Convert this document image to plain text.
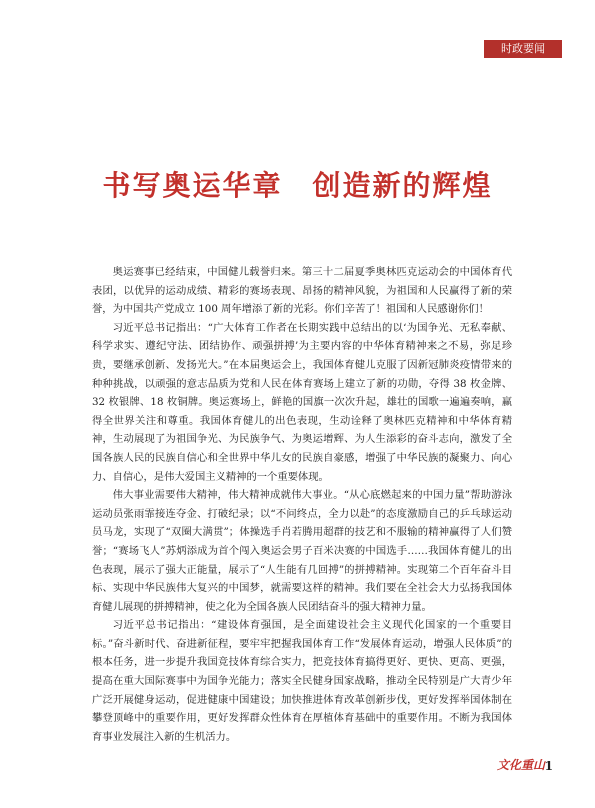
时政要闻
书写奥运华章　创造新的辉煌

奥运赛事已经结束，中国健儿载誉归来。第三十二届夏季奥林匹克运动会的中国体育代表团，以优异的运动成绩、精彩的赛场表现、昂扬的精神风貌，为祖国和人民赢得了新的荣誉，为中国共产党成立 100 周年增添了新的光彩。你们辛苦了！祖国和人民感谢你们！

习近平总书记指出：“广大体育工作者在长期实践中总结出的以‘为国争光、无私奉献、科学求实、遵纪守法、团结协作、顽强拼搏’为主要内容的中华体育精神来之不易，弥足珍贵，要继承创新、发扬光大。”在本届奥运会上，我国体育健儿克服了因新冠肺炎疫情带来的种种挑战，以顽强的意志品质为党和人民在体育赛场上建立了新的功勋，夺得 38 枚金牌、32 枚银牌、18 枚铜牌。奥运赛场上，鲜艳的国旗一次次升起，雄壮的国歌一遍遍奏响，赢得全世界关注和尊重。我国体育健儿的出色表现，生动诠释了奥林匹克精神和中华体育精神，生动展现了为祖国争光、为民族争气、为奥运增辉、为人生添彩的奋斗志向，激发了全国各族人民的民族自信心和全世界中华儿女的民族自豪感，增强了中华民族的凝聚力、向心力、自信心，是伟大爱国主义精神的一个重要体现。

伟大事业需要伟大精神，伟大精神成就伟大事业。“从心底燃起来的中国力量”帮助游泳运动员张雨霏接连夺金、打破纪录；以“不问终点，全力以赴”的态度激励自己的乒乓球运动员马龙，实现了“双圈大满贯”；体操选手肖若腾用超群的技艺和不服输的精神赢得了人们赞誉；“赛场飞人”苏炳添成为首个闯入奥运会男子百米决赛的中国选手……我国体育健儿的出色表现，展示了强大正能量，展示了“人生能有几回搏”的拼搏精神。实现第二个百年奋斗目标、实现中华民族伟大复兴的中国梦，就需要这样的精神。我们要在全社会大力弘扬我国体育健儿展现的拼搏精神，使之化为全国各族人民团结奋斗的强大精神力量。

习近平总书记指出：“建设体育强国，是全面建设社会主义现代化国家的一个重要目标。”奋斗新时代、奋进新征程，要牢牢把握我国体育工作“发展体育运动，增强人民体质”的根本任务，进一步提升我国竞技体育综合实力，把竞技体育搞得更好、更快、更高、更强，提高在重大国际赛事中为国争光能力；落实全民健身国家战略，推动全民特别是广大青少年广泛开展健身运动，促进健康中国建设；加快推进体育改革创新步伐，更好发挥举国体制在攀登顶峰中的重要作用，更好发挥群众性体育在厚植体育基础中的重要作用。不断为我国体育事业发展注入新的生机活力。

文化重山 1
